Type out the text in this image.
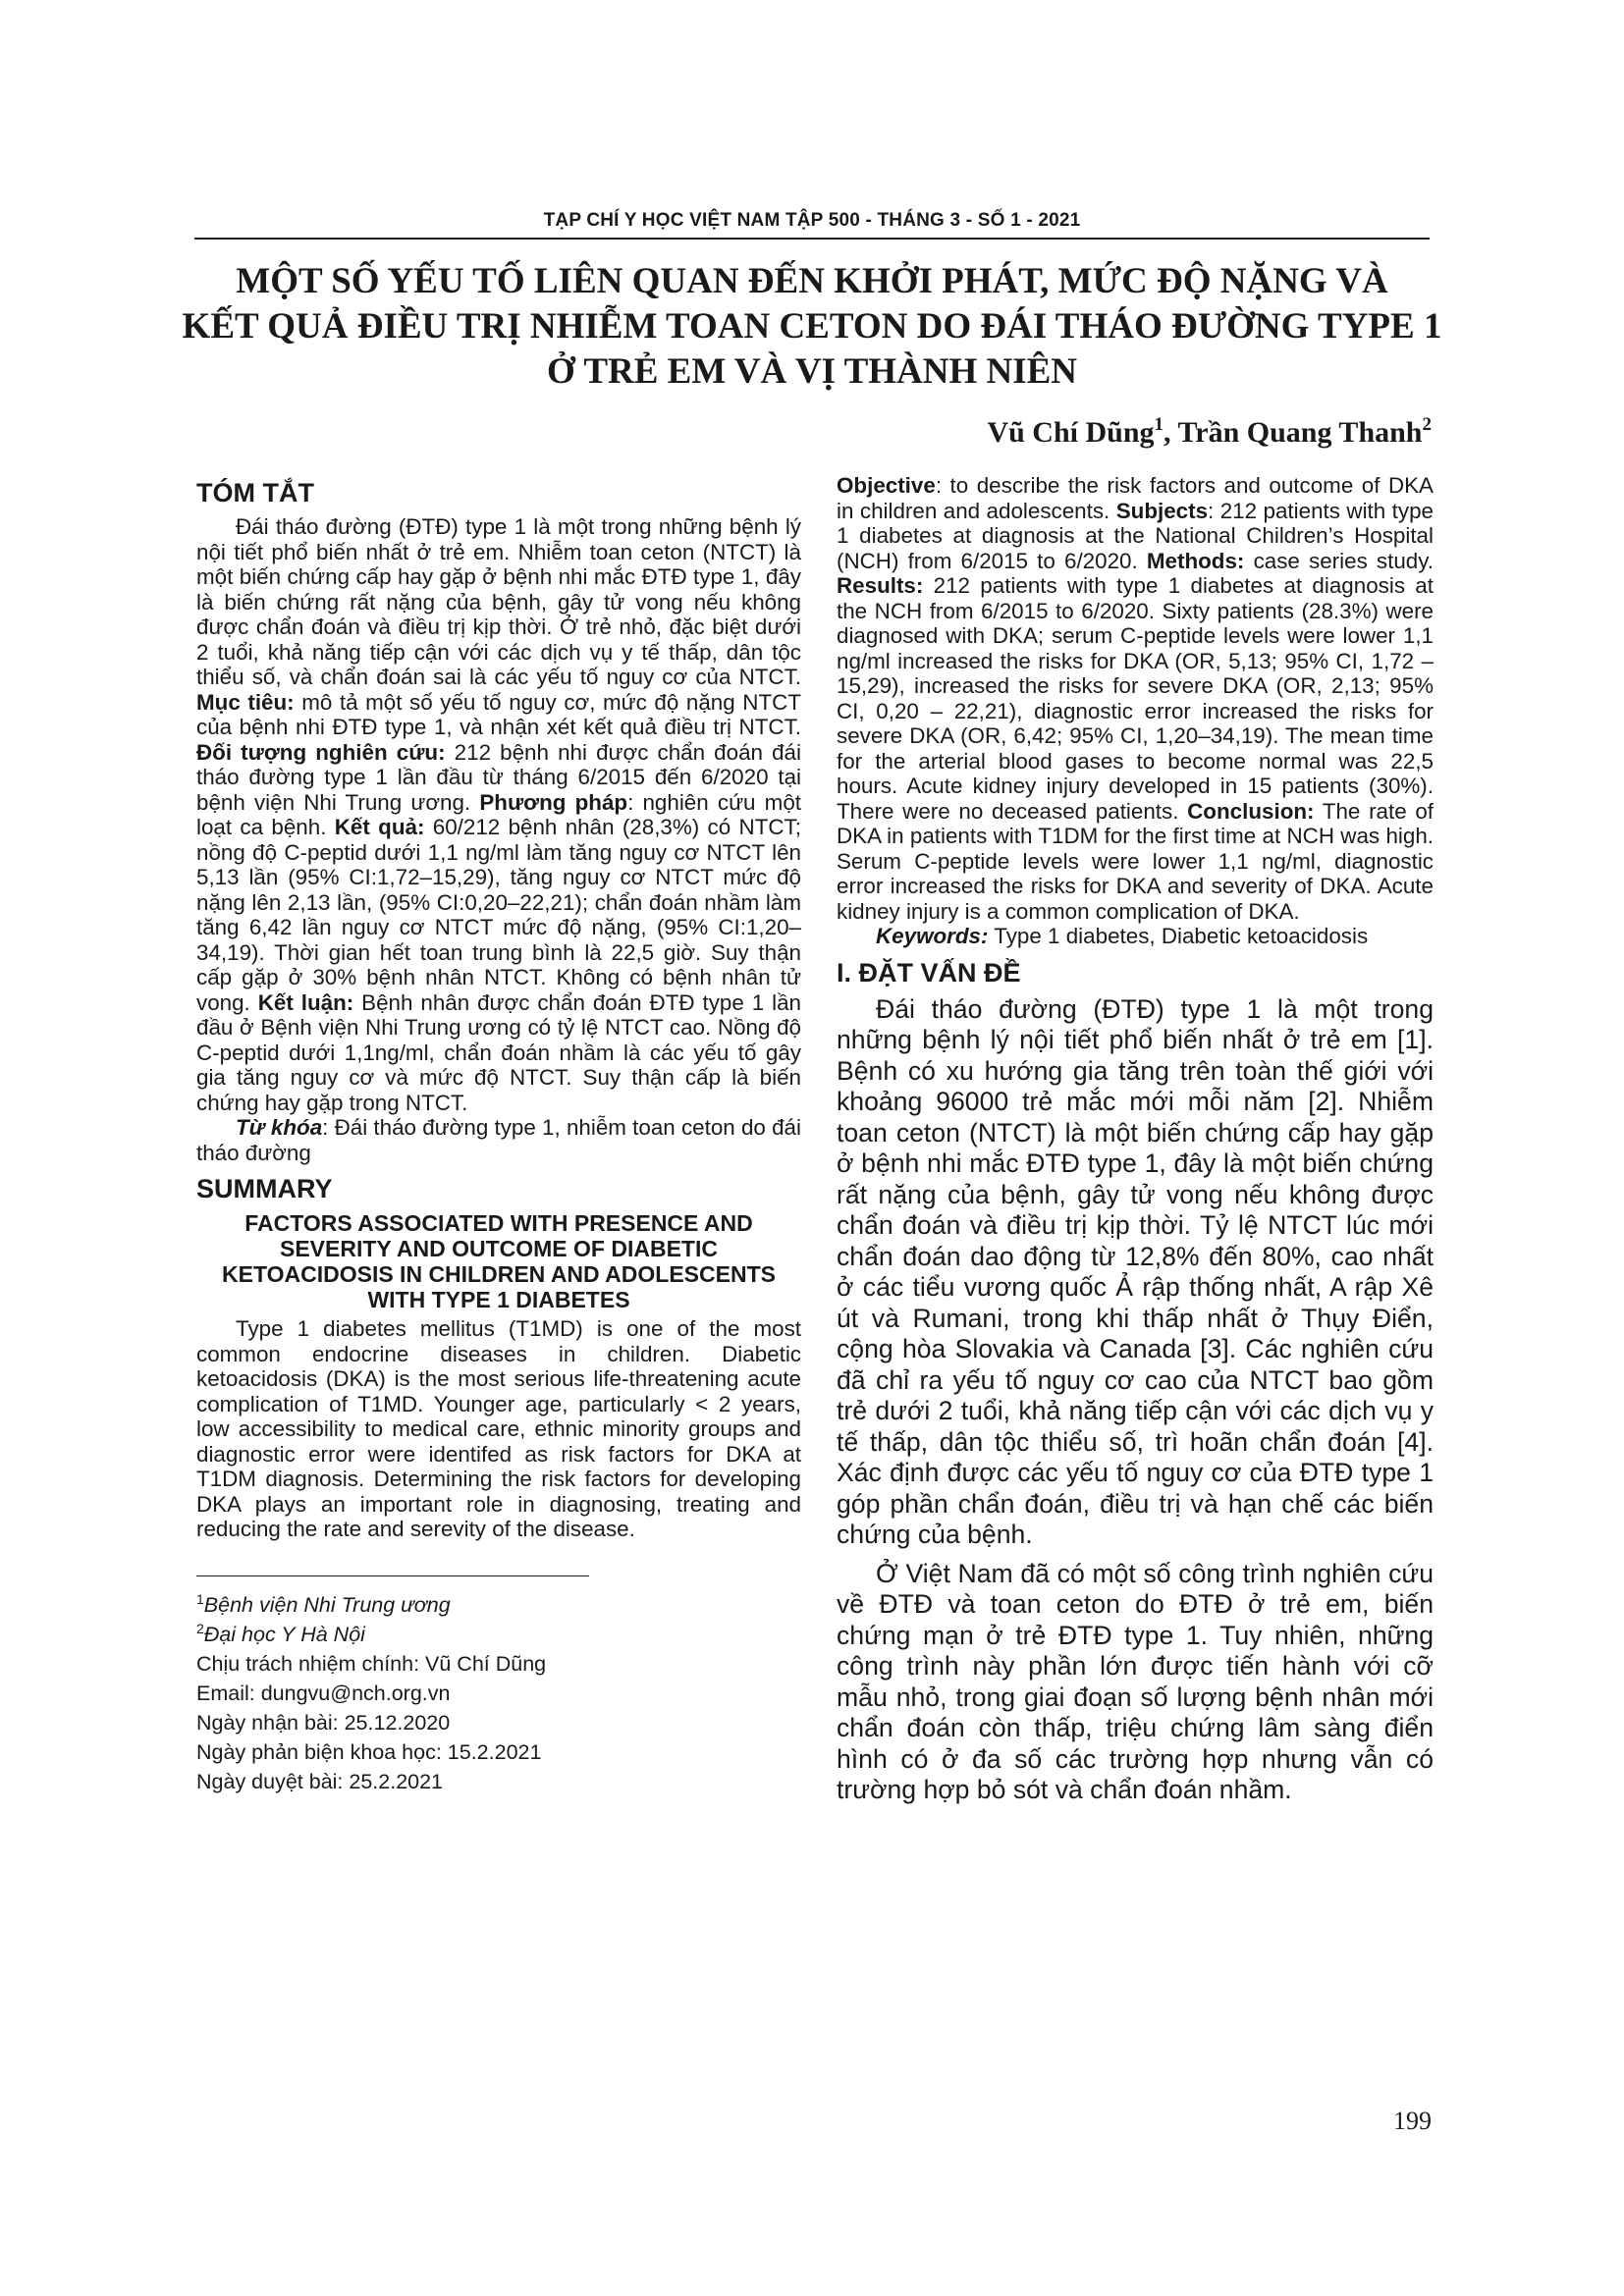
TẠP CHÍ Y HỌC VIỆT NAM TẬP 500 - THÁNG 3 - SỐ 1 - 2021
MỘT SỐ YẾU TỐ LIÊN QUAN ĐẾN KHỞI PHÁT, MỨC ĐỘ NẶNG VÀ
KẾT QUẢ ĐIỀU TRỊ NHIỄM TOAN CETON DO ĐÁI THÁO ĐƯỜNG TYPE 1
Ở TRẺ EM VÀ VỊ THÀNH NIÊN
Vũ Chí Dũng$^1$, Trần Quang Thanh$^2$
TÓM TẮT

Đái tháo đường (ĐTĐ) type 1 là một trong những bệnh lý nội tiết phổ biến nhất ở trẻ em. Nhiễm toan ceton (NTCT) là một biến chứng cấp hay gặp ở bệnh nhi mắc ĐTĐ type 1, đây là biến chứng rất nặng của bệnh, gây tử vong nếu không được chẩn đoán và điều trị kịp thời. Ở trẻ nhỏ, đặc biệt dưới 2 tuổi, khả năng tiếp cận với các dịch vụ y tế thấp, dân tộc thiểu số, và chẩn đoán sai là các yếu tố nguy cơ của NTCT. Mục tiêu: mô tả một số yếu tố nguy cơ, mức độ nặng NTCT của bệnh nhi ĐTĐ type 1, và nhận xét kết quả điều trị NTCT. Đối tượng nghiên cứu: 212 bệnh nhi được chẩn đoán đái tháo đường type 1 lần đầu từ tháng 6/2015 đến 6/2020 tại bệnh viện Nhi Trung ương. Phương pháp: nghiên cứu một loạt ca bệnh. Kết quả: 60/212 bệnh nhân (28,3%) có NTCT; nồng độ C-peptid dưới 1,1 ng/ml làm tăng nguy cơ NTCT lên 5,13 lần (95% CI:1,72–15,29), tăng nguy cơ NTCT mức độ nặng lên 2,13 lần, (95% CI:0,20–22,21); chẩn đoán nhầm làm tăng 6,42 lần nguy cơ NTCT mức độ nặng, (95% CI:1,20–34,19). Thời gian hết toan trung bình là 22,5 giờ. Suy thận cấp gặp ở 30% bệnh nhân NTCT. Không có bệnh nhân tử vong. Kết luận: Bệnh nhân được chẩn đoán ĐTĐ type 1 lần đầu ở Bệnh viện Nhi Trung ương có tỷ lệ NTCT cao. Nồng độ C-peptid dưới 1,1ng/ml, chẩn đoán nhầm là các yếu tố gây gia tăng nguy cơ và mức độ NTCT. Suy thận cấp là biến chứng hay gặp trong NTCT.

Từ khóa: Đái tháo đường type 1, nhiễm toan ceton do đái tháo đường

SUMMARY
FACTORS ASSOCIATED WITH PRESENCE AND SEVERITY AND OUTCOME OF DIABETIC KETOACIDOSIS IN CHILDREN AND ADOLESCENTS WITH TYPE 1 DIABETES

Type 1 diabetes mellitus (T1MD) is one of the most common endocrine diseases in children. Diabetic ketoacidosis (DKA) is the most serious life-threatening acute complication of T1MD. Younger age, particularly < 2 years, low accessibility to medical care, ethnic minority groups and diagnostic error were identifed as risk factors for DKA at T1DM diagnosis. Determining the risk factors for developing DKA plays an important role in diagnosing, treating and reducing the rate and serevity of the disease.

$^1$Bệnh viện Nhi Trung ương
$^2$Đại học Y Hà Nội
Chịu trách nhiệm chính: Vũ Chí Dũng
Email: dungvu@nch.org.vn
Ngày nhận bài: 25.12.2020
Ngày phản biện khoa học: 15.2.2021
Ngày duyệt bài: 25.2.2021

Objective: to describe the risk factors and outcome of DKA in children and adolescents. Subjects: 212 patients with type 1 diabetes at diagnosis at the National Children’s Hospital (NCH) from 6/2015 to 6/2020. Methods: case series study. Results: 212 patients with type 1 diabetes at diagnosis at the NCH from 6/2015 to 6/2020. Sixty patients (28.3%) were diagnosed with DKA; serum C-peptide levels were lower 1,1 ng/ml increased the risks for DKA (OR, 5,13; 95% CI, 1,72 – 15,29), increased the risks for severe DKA (OR, 2,13; 95% CI, 0,20 – 22,21), diagnostic error increased the risks for severe DKA (OR, 6,42; 95% CI, 1,20–34,19). The mean time for the arterial blood gases to become normal was 22,5 hours. Acute kidney injury developed in 15 patients (30%). There were no deceased patients. Conclusion: The rate of DKA in patients with T1DM for the first time at NCH was high. Serum C-peptide levels were lower 1,1 ng/ml, diagnostic error increased the risks for DKA and severity of DKA. Acute kidney injury is a common complication of DKA.

Keywords: Type 1 diabetes, Diabetic ketoacidosis

I. ĐẶT VẤN ĐỀ

Đái tháo đường (ĐTĐ) type 1 là một trong những bệnh lý nội tiết phổ biến nhất ở trẻ em [1]. Bệnh có xu hướng gia tăng trên toàn thế giới với khoảng 96000 trẻ mắc mới mỗi năm [2]. Nhiễm toan ceton (NTCT) là một biến chứng cấp hay gặp ở bệnh nhi mắc ĐTĐ type 1, đây là một biến chứng rất nặng của bệnh, gây tử vong nếu không được chẩn đoán và điều trị kịp thời. Tỷ lệ NTCT lúc mới chẩn đoán dao động từ 12,8% đến 80%, cao nhất ở các tiểu vương quốc Ả rập thống nhất, A rập Xê út và Rumani, trong khi thấp nhất ở Thụy Điển, cộng hòa Slovakia và Canada [3]. Các nghiên cứu đã chỉ ra yếu tố nguy cơ cao của NTCT bao gồm trẻ dưới 2 tuổi, khả năng tiếp cận với các dịch vụ y tế thấp, dân tộc thiểu số, trì hoãn chẩn đoán [4]. Xác định được các yếu tố nguy cơ của ĐTĐ type 1 góp phần chẩn đoán, điều trị và hạn chế các biến chứng của bệnh.

Ở Việt Nam đã có một số công trình nghiên cứu về ĐTĐ và toan ceton do ĐTĐ ở trẻ em, biến chứng mạn ở trẻ ĐTĐ type 1. Tuy nhiên, những công trình này phần lớn được tiến hành với cỡ mẫu nhỏ, trong giai đoạn số lượng bệnh nhân mới chẩn đoán còn thấp, triệu chứng lâm sàng điển hình có ở đa số các trường hợp nhưng vẫn có trường hợp bỏ sót và chẩn đoán nhầm.

199
